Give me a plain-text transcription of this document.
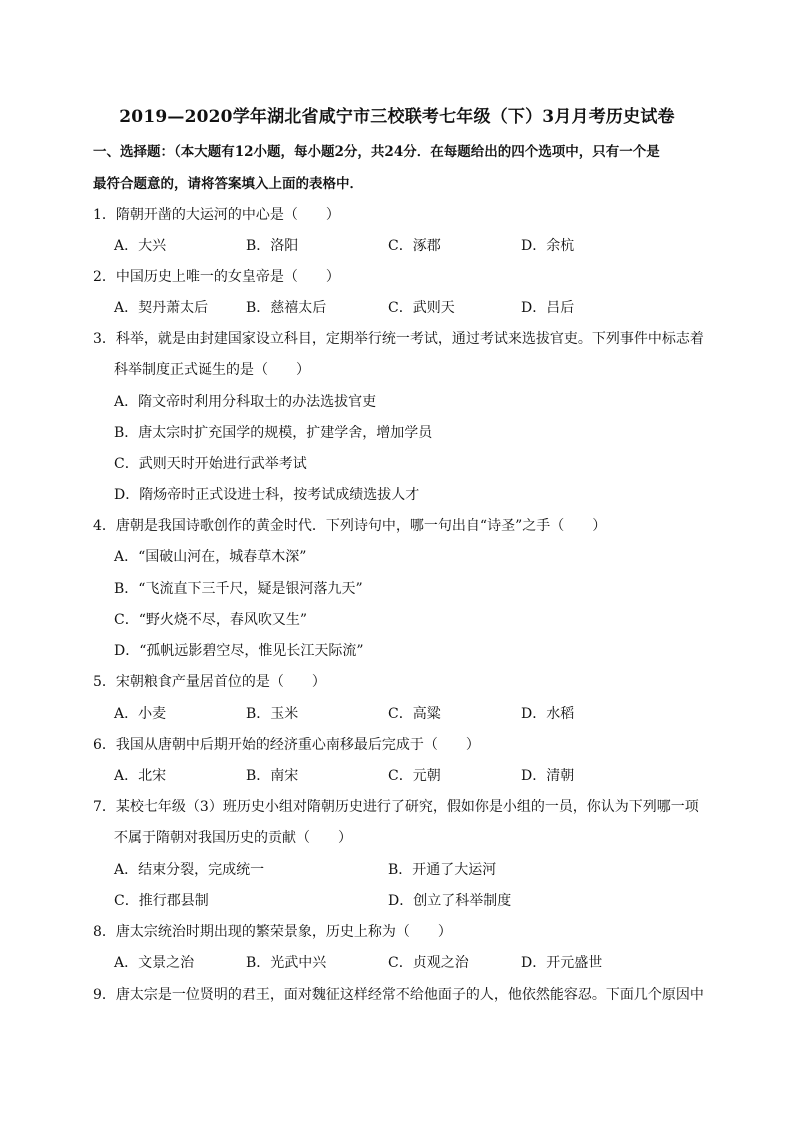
2019—2020学年湖北省咸宁市三校联考七年级（下）3月月考历史试卷
一、选择题：（本大题有12小题，每小题2分，共24分．在每题给出的四个选项中，只有一个是
最符合题意的，请将答案填入上面的表格中．
1．隋朝开凿的大运河的中心是（　　）
A．大兴	B．洛阳	C．涿郡	D．余杭
2．中国历史上唯一的女皇帝是（　　）
A．契丹萧太后	B．慈禧太后	C．武则天	D．吕后
3．科举，就是由封建国家设立科目，定期举行统一考试，通过考试来选拔官吏。下列事件中标志着
科举制度正式诞生的是（　　）
A．隋文帝时利用分科取士的办法选拔官吏
B．唐太宗时扩充国学的规模，扩建学舍，增加学员
C．武则天时开始进行武举考试
D．隋炀帝时正式设进士科，按考试成绩选拔人才
4．唐朝是我国诗歌创作的黄金时代．下列诗句中，哪一句出自“诗圣”之手（　　）
A．“国破山河在，城春草木深”
B．“飞流直下三千尺，疑是银河落九天”
C．“野火烧不尽，春风吹又生”
D．“孤帆远影碧空尽，惟见长江天际流”
5．宋朝粮食产量居首位的是（　　）
A．小麦	B．玉米	C．高粱	D．水稻
6．我国从唐朝中后期开始的经济重心南移最后完成于（　　）
A．北宋	B．南宋	C．元朝	D．清朝
7．某校七年级（3）班历史小组对隋朝历史进行了研究，假如你是小组的一员，你认为下列哪一项
不属于隋朝对我国历史的贡献（　　）
A．结束分裂，完成统一	B．开通了大运河
C．推行郡县制	D．创立了科举制度
8．唐太宗统治时期出现的繁荣景象，历史上称为（　　）
A．文景之治	B．光武中兴	C．贞观之治	D．开元盛世
9．唐太宗是一位贤明的君王，面对魏征这样经常不给他面子的人，他依然能容忍。下面几个原因中
